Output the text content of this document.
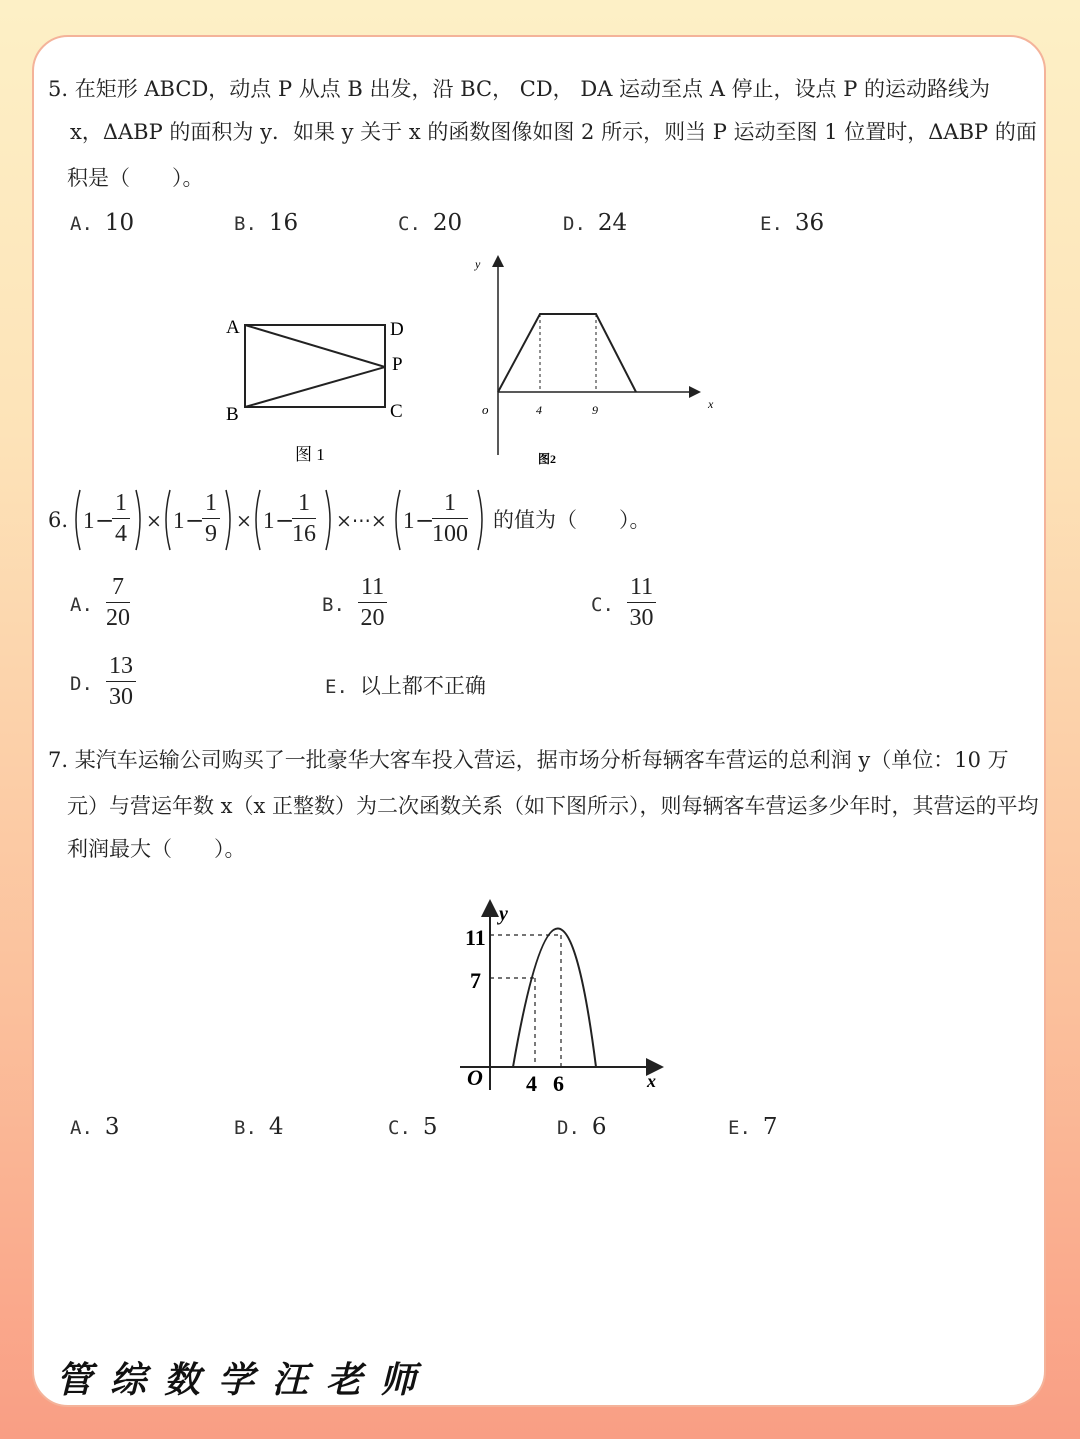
5. 在矩形 ABCD，动点 P 从点 B 出发，沿 BC， CD， DA 运动至点 A 停止，设点 P 的运动路线为
x，ΔABP 的面积为 y．如果 y 关于 x 的函数图像如图 2 所示，则当 P 运动至图 1 位置时，ΔABP 的面
积是（　　）。
A. 10	B. 16	C. 20	D. 24	E. 36
A	D
P
B	C
图 1
y
x
o	4	9
图2
6. 1 −
1
4 × 1 −
1
9 × 1 −
1
16 ×⋯× 1 −
1
100
的值为（　　）。
A.
7
20	B.
11
20	C.
11
30
D.
13
30	E. 以上都不正确
7. 某汽车运输公司购买了一批豪华大客车投入营运，据市场分析每辆客车营运的总利润 y（单位：10 万
元）与营运年数 x（x 正整数）为二次函数关系（如下图所示），则每辆客车营运多少年时，其营运的平均
利润最大（　　）。
y
x
O
11
7
4 6
A. 3	B. 4	C. 5	D. 6	E. 7
管综数学汪老师
